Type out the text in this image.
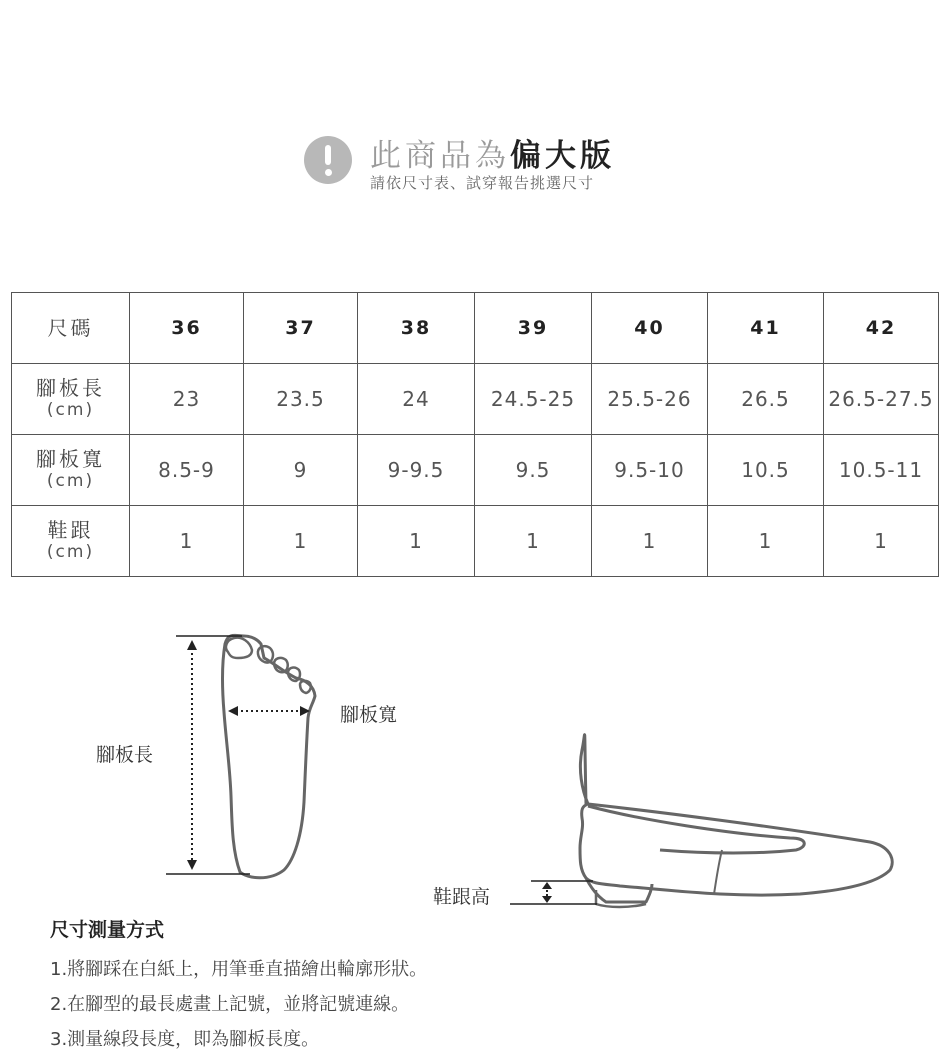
此商品為偏大版
請依尺寸表、試穿報告挑選尺寸
尺碼	36	37	38	39	40	41	42
腳板長
(cm)	23	23.5	24	24.5-25	25.5-26	26.5	26.5-27.5
腳板寬
(cm)	8.5-9	9	9-9.5	9.5	9.5-10	10.5	10.5-11
鞋跟
(cm)	1	1	1	1	1	1	1
腳板長
腳板寬
鞋跟高
尺寸測量方式
1.將腳踩在白紙上，用筆垂直描繪出輪廓形狀。
2.在腳型的最長處畫上記號，並將記號連線。
3.測量線段長度，即為腳板長度。
